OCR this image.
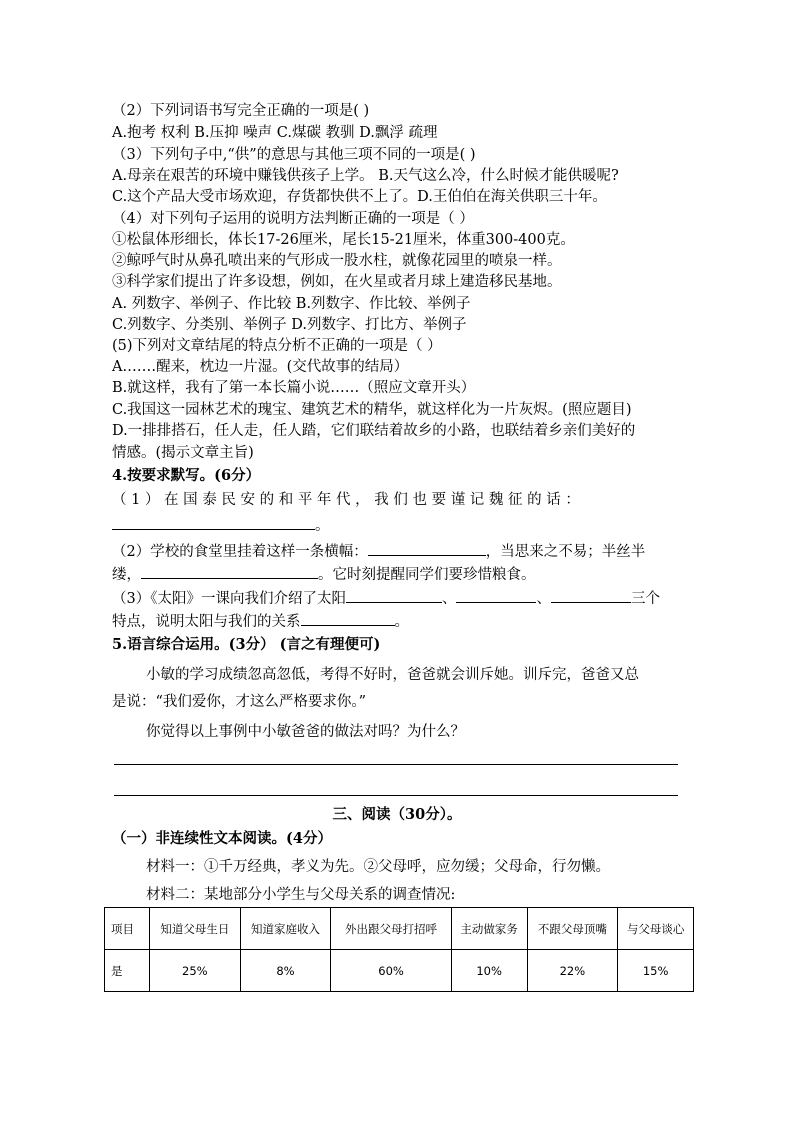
（2）下列词语书写完全正确的一项是( )
A.抱考 权利 B.压抑 噪声 C.煤碳 教驯 D.飘浮 疏理
（3）下列句子中,“供”的意思与其他三项不同的一项是( )
A.母亲在艰苦的环境中赚钱供孩子上学。 B.天气这么冷，什么时候才能供暖呢?
C.这个产品大受市场欢迎，存货都快供不上了。D.王伯伯在海关供职三十年。
（4）对下列句子运用的说明方法判断正确的一项是（ ）
①松鼠体形细长，体长17-26厘米，尾长15-21厘米，体重300-400克。
②鲸呼气时从鼻孔喷出来的气形成一股水柱，就像花园里的喷泉一样。
③科学家们提出了许多设想，例如，在火星或者月球上建造移民基地。
A. 列数字、举例子、作比较 B.列数字、作比较、举例子
C.列数字、分类别、举例子 D.列数字、打比方、举例子
(5)下列对文章结尾的特点分析不正确的一项是（ ）
A.……醒来，枕边一片湿。(交代故事的结局）
B.就这样，我有了第一本长篇小说……（照应文章开头）
C.我国这一园林艺术的瑰宝、建筑艺术的精华，就这样化为一片灰烬。(照应题目)
D.一排排搭石，任人走，任人踏，它们联结着故乡的小路，也联结着乡亲们美好的
情感。(揭示文章主旨)
4.按要求默写。(6分）
（ 1 ） 在 国 泰 民 安 的 和 平 年 代 ， 我 们 也 要 谨 记 魏 征 的 话 ：
。
（2）学校的食堂里挂着这样一条横幅：	，当思来之不易；半丝半
缕，	。它时刻提醒同学们要珍惜粮食。
（3）《太阳》一课向我们介绍了太阳	、	、	三个
特点，说明太阳与我们的关系	。
5.语言综合运用。(3分） (言之有理便可)
小敏的学习成绩忽高忽低，考得不好时，爸爸就会训斥她。训斥完，爸爸又总
是说：“我们爱你，才这么严格要求你。”
你觉得以上事例中小敏爸爸的做法对吗？为什么？
三、阅读（30分）。
（一）非连续性文本阅读。(4分）
材料一：①千万经典，孝义为先。②父母呼，应勿缓；父母命，行勿懒。
材料二：某地部分小学生与父母关系的调查情况:
项目	知道父母生日	知道家庭收入	外出跟父母打招呼	主动做家务	不跟父母顶嘴	与父母谈心
是	25%	8%	60%	10%	22%	15%
